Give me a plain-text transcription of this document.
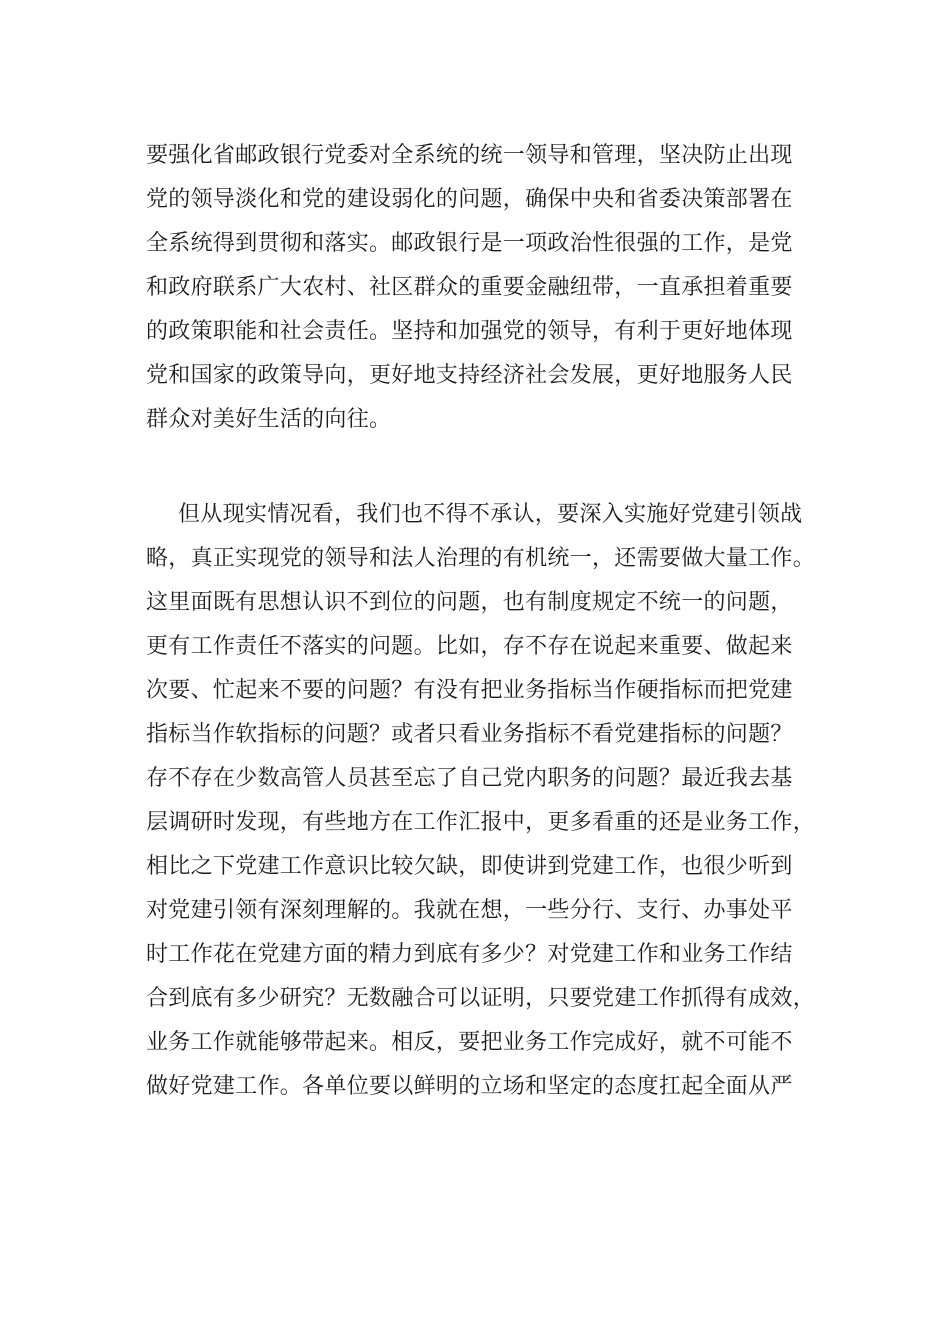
要强化省邮政银行党委对全系统的统一领导和管理，坚决防止出现
党的领导淡化和党的建设弱化的问题，确保中央和省委决策部署在
全系统得到贯彻和落实。邮政银行是一项政治性很强的工作，是党
和政府联系广大农村、社区群众的重要金融纽带，一直承担着重要
的政策职能和社会责任。坚持和加强党的领导，有利于更好地体现
党和国家的政策导向，更好地支持经济社会发展，更好地服务人民
群众对美好生活的向往。
但从现实情况看，我们也不得不承认，要深入实施好党建引领战
略，真正实现党的领导和法人治理的有机统一，还需要做大量工作。
这里面既有思想认识不到位的问题，也有制度规定不统一的问题，
更有工作责任不落实的问题。比如，存不存在说起来重要、做起来
次要、忙起来不要的问题？有没有把业务指标当作硬指标而把党建
指标当作软指标的问题？或者只看业务指标不看党建指标的问题？
存不存在少数高管人员甚至忘了自己党内职务的问题？最近我去基
层调研时发现，有些地方在工作汇报中，更多看重的还是业务工作，
相比之下党建工作意识比较欠缺，即使讲到党建工作，也很少听到
对党建引领有深刻理解的。我就在想，一些分行、支行、办事处平
时工作花在党建方面的精力到底有多少？对党建工作和业务工作结
合到底有多少研究？无数融合可以证明，只要党建工作抓得有成效，
业务工作就能够带起来。相反，要把业务工作完成好，就不可能不
做好党建工作。各单位要以鲜明的立场和坚定的态度扛起全面从严
